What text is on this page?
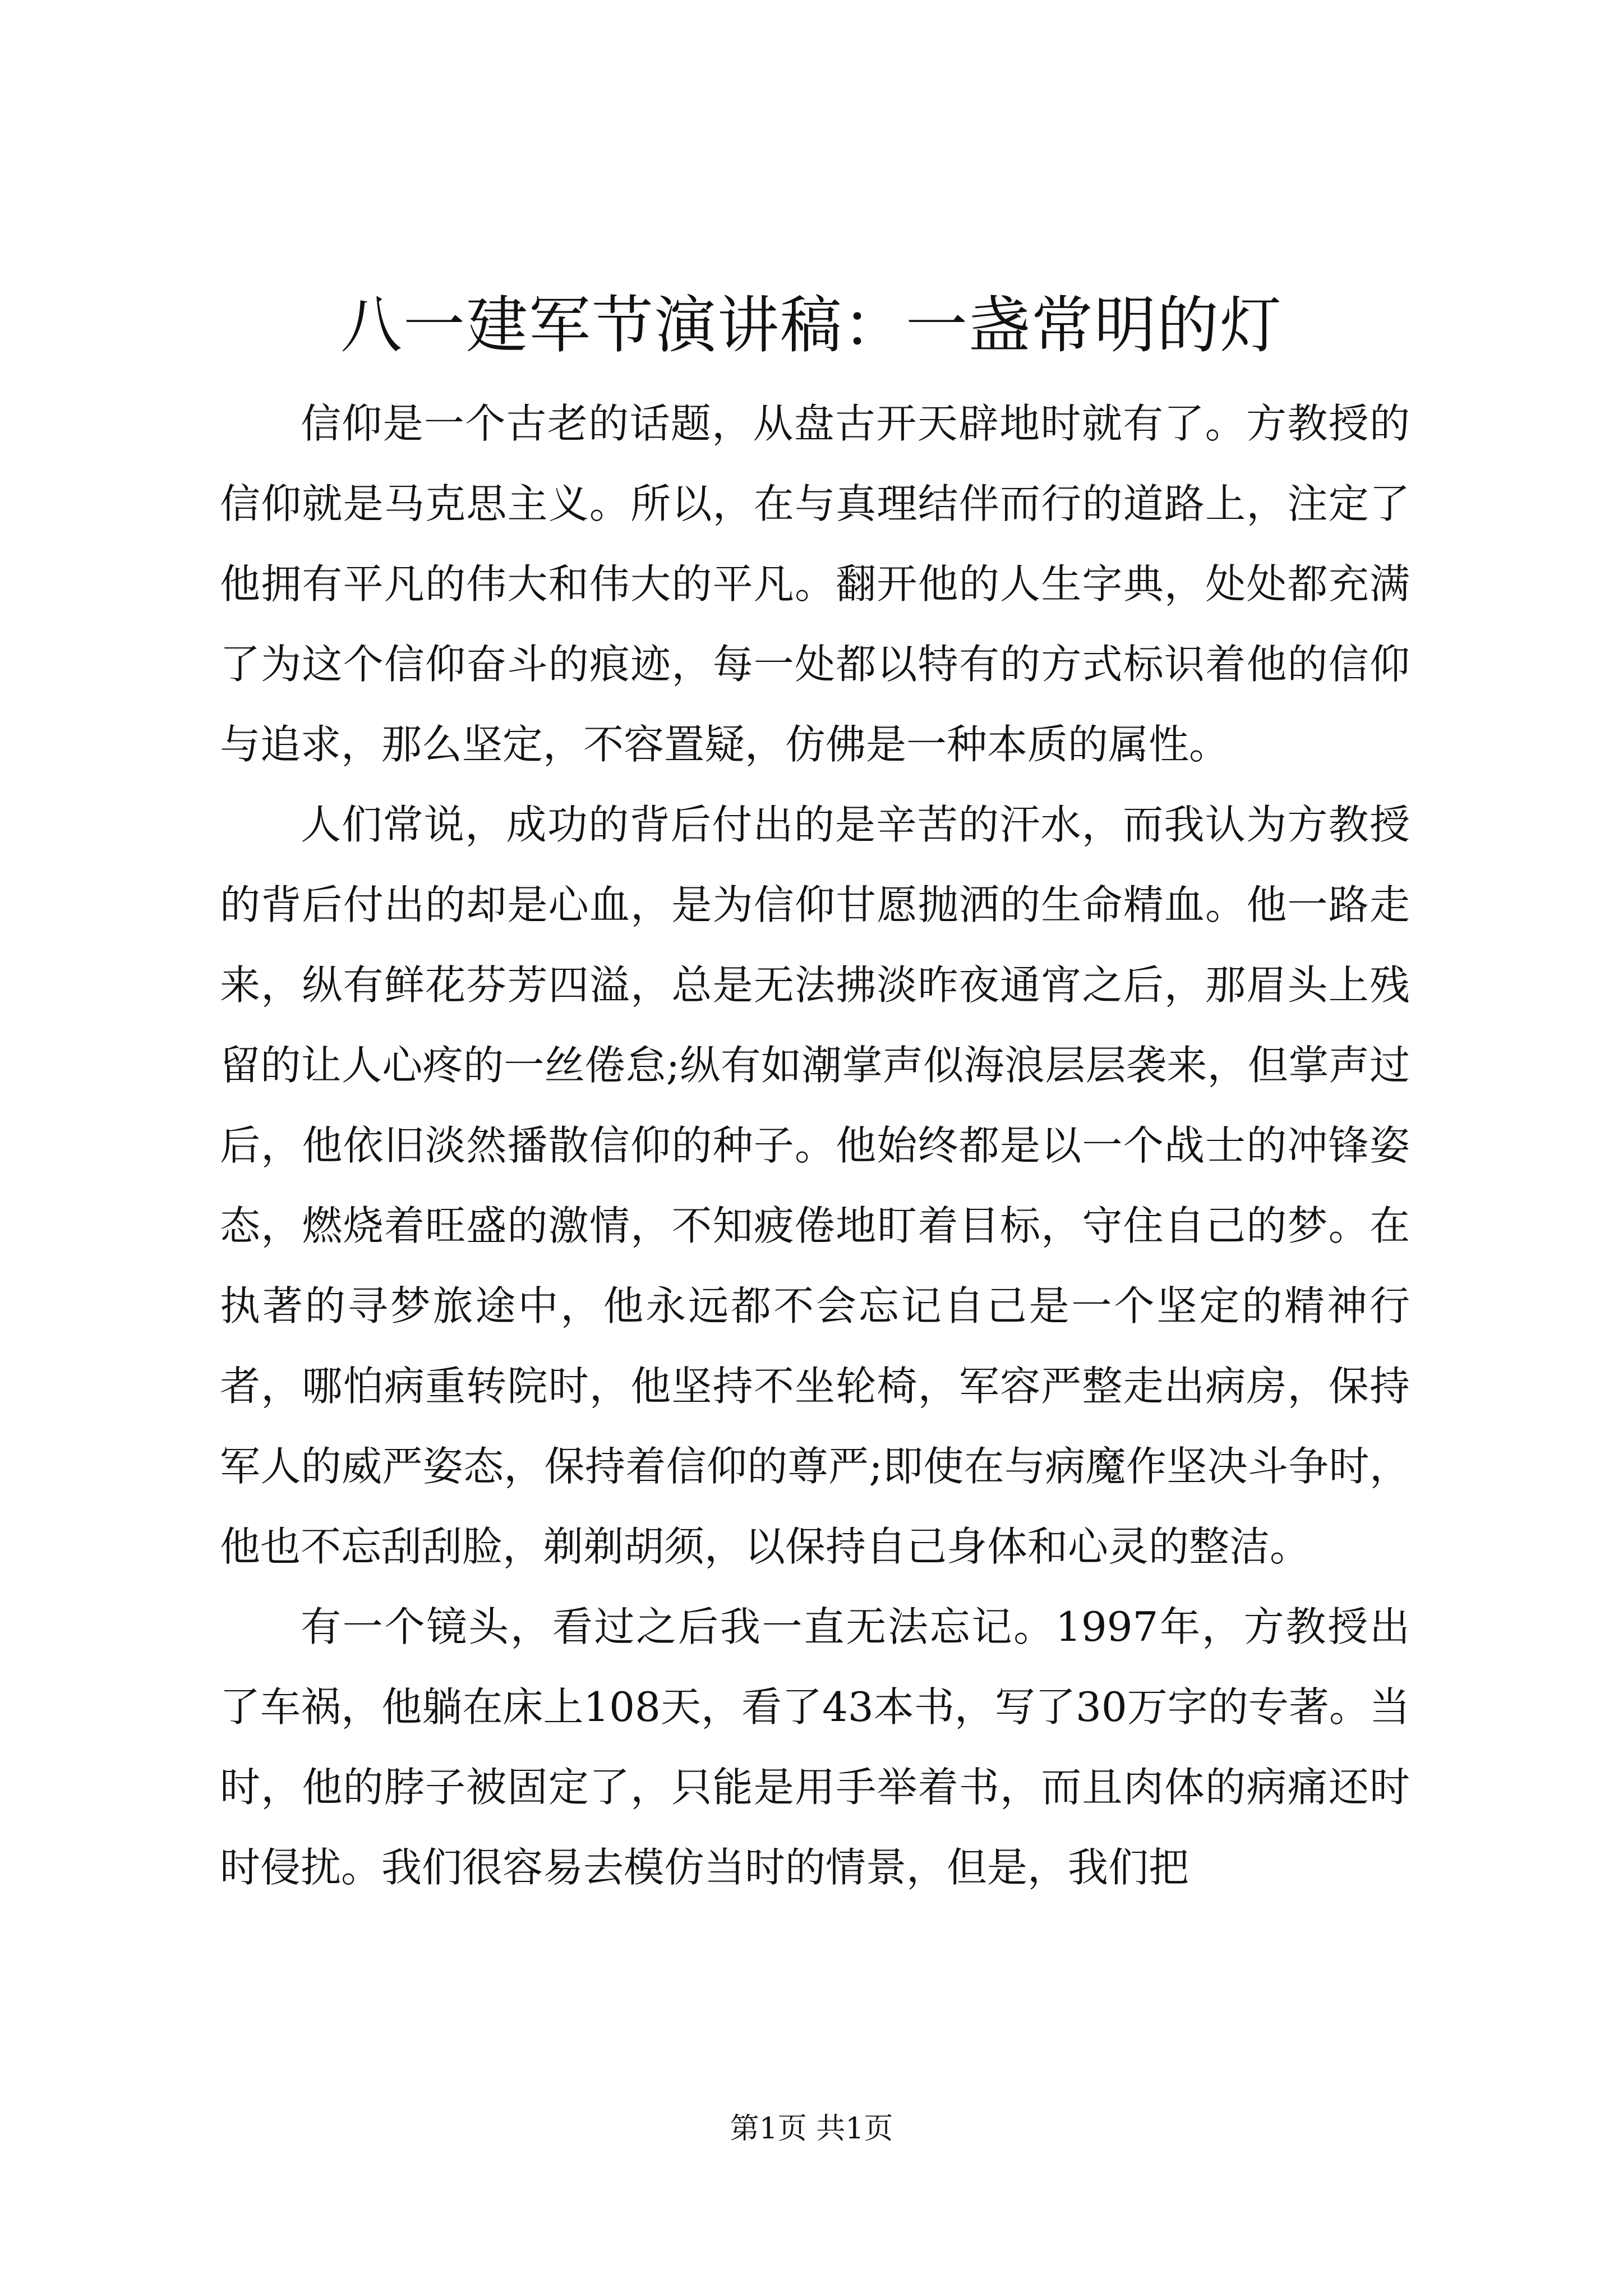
八一建军节演讲稿：一盏常明的灯

信仰是一个古老的话题，从盘古开天辟地时就有了。方教授的信仰就是马克思主义。所以，在与真理结伴而行的道路上，注定了他拥有平凡的伟大和伟大的平凡。翻开他的人生字典，处处都充满了为这个信仰奋斗的痕迹，每一处都以特有的方式标识着他的信仰与追求，那么坚定，不容置疑，仿佛是一种本质的属性。

人们常说，成功的背后付出的是辛苦的汗水，而我认为方教授的背后付出的却是心血，是为信仰甘愿抛洒的生命精血。他一路走来，纵有鲜花芬芳四溢，总是无法拂淡昨夜通宵之后，那眉头上残留的让人心疼的一丝倦怠;纵有如潮掌声似海浪层层袭来，但掌声过后，他依旧淡然播散信仰的种子。他始终都是以一个战士的冲锋姿态，燃烧着旺盛的激情，不知疲倦地盯着目标，守住自己的梦。在执著的寻梦旅途中，他永远都不会忘记自己是一个坚定的精神行者，哪怕病重转院时，他坚持不坐轮椅，军容严整走出病房，保持军人的威严姿态，保持着信仰的尊严;即使在与病魔作坚决斗争时，他也不忘刮刮脸，剃剃胡须，以保持自己身体和心灵的整洁。

有一个镜头，看过之后我一直无法忘记。1997年，方教授出了车祸，他躺在床上108天，看了43本书，写了30万字的专著。当时，他的脖子被固定了，只能是用手举着书，而且肉体的病痛还时时侵扰。我们很容易去模仿当时的情景，但是，我们把

第1页 共1页
